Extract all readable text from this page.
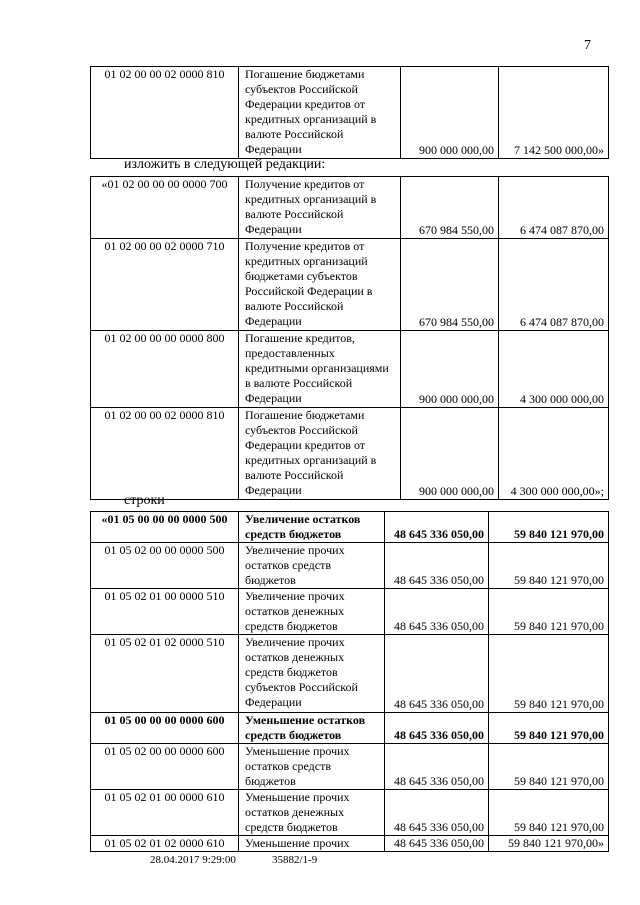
7
01 02 00 00 02 0000 810	Погашение бюджетами субъектов Российской Федерации кредитов от кредитных организаций в валюте Российской Федерации	900 000 000,00	7 142 500 000,00»
изложить в следующей редакции:
«01 02 00 00 00 0000 700	Получение кредитов от кредитных организаций в валюте Российской Федерации	670 984 550,00	6 474 087 870,00
01 02 00 00 02 0000 710	Получение кредитов от кредитных организаций бюджетами субъектов Российской Федерации в валюте Российской Федерации	670 984 550,00	6 474 087 870,00
01 02 00 00 00 0000 800	Погашение кредитов, предоставленных кредитными организациями в валюте Российской Федерации	900 000 000,00	4 300 000 000,00
01 02 00 00 02 0000 810	Погашение бюджетами субъектов Российской Федерации кредитов от кредитных организаций в валюте Российской Федерации	900 000 000,00	4 300 000 000,00»;
строки
«01 05 00 00 00 0000 500	Увеличение остатков средств бюджетов	48 645 336 050,00	59 840 121 970,00
01 05 02 00 00 0000 500	Увеличение прочих остатков средств бюджетов	48 645 336 050,00	59 840 121 970,00
01 05 02 01 00 0000 510	Увеличение прочих остатков денежных средств бюджетов	48 645 336 050,00	59 840 121 970,00
01 05 02 01 02 0000 510	Увеличение прочих остатков денежных средств бюджетов субъектов Российской Федерации	48 645 336 050,00	59 840 121 970,00
01 05 00 00 00 0000 600	Уменьшение остатков средств бюджетов	48 645 336 050,00	59 840 121 970,00
01 05 02 00 00 0000 600	Уменьшение прочих остатков средств бюджетов	48 645 336 050,00	59 840 121 970,00
01 05 02 01 00 0000 610	Уменьшение прочих остатков денежных средств бюджетов	48 645 336 050,00	59 840 121 970,00
01 05 02 01 02 0000 610	Уменьшение прочих	48 645 336 050,00	59 840 121 970,00»
28.04.2017 9:29:00	35882/1-9
